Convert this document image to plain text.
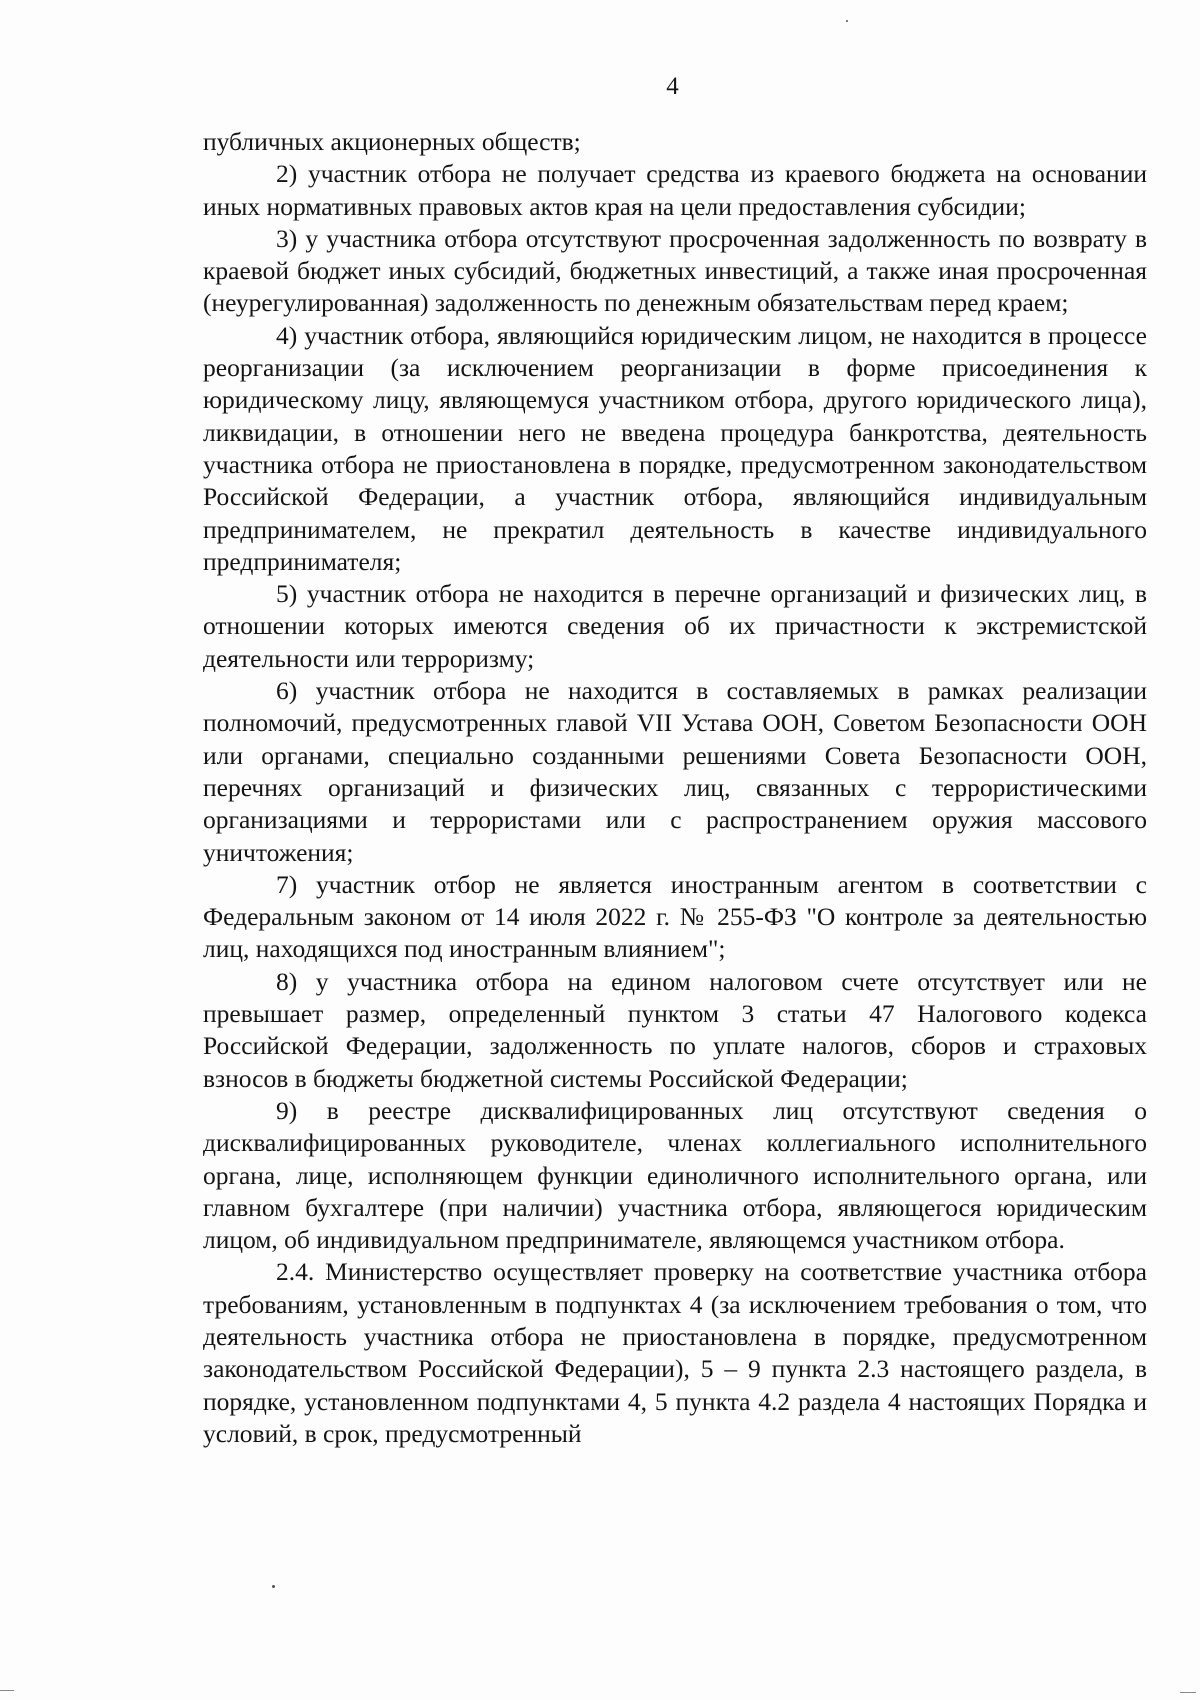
4

публичных акционерных обществ;

2) участник отбора не получает средства из краевого бюджета на основании иных нормативных правовых актов края на цели предоставления субсидии;

3) у участника отбора отсутствуют просроченная задолженность по возврату в краевой бюджет иных субсидий, бюджетных инвестиций, а также иная просроченная (неурегулированная) задолженность по денежным обязательствам перед краем;

4) участник отбора, являющийся юридическим лицом, не находится в процессе реорганизации (за исключением реорганизации в форме присоединения к юридическому лицу, являющемуся участником отбора, другого юридического лица), ликвидации, в отношении него не введена процедура банкротства, деятельность участника отбора не приостановлена в порядке, предусмотренном законодательством Российской Федерации, а участник отбора, являющийся индивидуальным предпринимателем, не прекратил деятельность в качестве индивидуального предпринимателя;

5) участник отбора не находится в перечне организаций и физических лиц, в отношении которых имеются сведения об их причастности к экстремистской деятельности или терроризму;

6) участник отбора не находится в составляемых в рамках реализации полномочий, предусмотренных главой VII Устава ООН, Советом Безопасности ООН или органами, специально созданными решениями Совета Безопасности ООН, перечнях организаций и физических лиц, связанных с террористическими организациями и террористами или с распространением оружия массового уничтожения;

7) участник отбор не является иностранным агентом в соответствии с Федеральным законом от 14 июля 2022 г. № 255-ФЗ "О контроле за деятельностью лиц, находящихся под иностранным влиянием";

8) у участника отбора на едином налоговом счете отсутствует или не превышает размер, определенный пунктом 3 статьи 47 Налогового кодекса Российской Федерации, задолженность по уплате налогов, сборов и страховых взносов в бюджеты бюджетной системы Российской Федерации;

9) в реестре дисквалифицированных лиц отсутствуют сведения о дисквалифицированных руководителе, членах коллегиального исполнительного органа, лице, исполняющем функции единоличного исполнительного органа, или главном бухгалтере (при наличии) участника отбора, являющегося юридическим лицом, об индивидуальном предпринимателе, являющемся участником отбора.

2.4. Министерство осуществляет проверку на соответствие участника отбора требованиям, установленным в подпунктах 4 (за исключением требования о том, что деятельность участника отбора не приостановлена в порядке, предусмотренном законодательством Российской Федерации), 5 – 9 пункта 2.3 настоящего раздела, в порядке, установленном подпунктами 4, 5 пункта 4.2 раздела 4 настоящих Порядка и условий, в срок, предусмотренный
